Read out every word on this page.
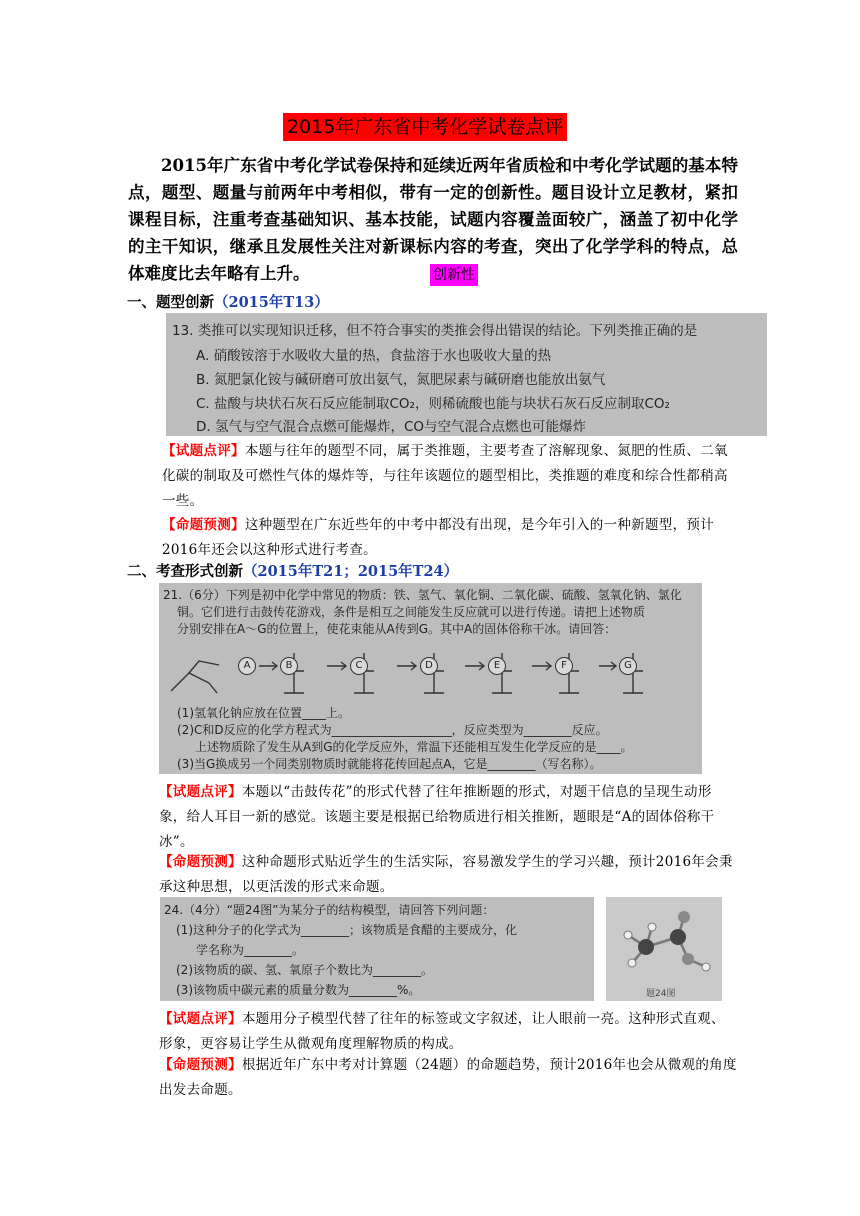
2015年广东省中考化学试卷点评
2015年广东省中考化学试卷保持和延续近两年省质检和中考化学试题的基本特点，题型、题量与前两年中考相似，带有一定的创新性。题目设计立足教材，紧扣课程目标，注重考查基础知识、基本技能，试题内容覆盖面较广，涵盖了初中化学的主干知识，继承且发展性关注对新课标内容的考查，突出了化学学科的特点，总体难度比去年略有上升。	创新性
一、题型创新（2015年T13）
13. 类推可以实现知识迁移，但不符合事实的类推会得出错误的结论。下列类推正确的是
A. 硝酸铵溶于水吸收大量的热，食盐溶于水也吸收大量的热
B. 氮肥氯化铵与碱研磨可放出氨气，氮肥尿素与碱研磨也能放出氨气
C. 盐酸与块状石灰石反应能制取CO₂，则稀硫酸也能与块状石灰石反应制取CO₂
D. 氢气与空气混合点燃可能爆炸，CO与空气混合点燃也可能爆炸
【试题点评】本题与往年的题型不同，属于类推题，主要考查了溶解现象、氮肥的性质、二氧化碳的制取及可燃性气体的爆炸等，与往年该题位的题型相比，类推题的难度和综合性都稍高一些。
【命题预测】这种题型在广东近些年的中考中都没有出现，是今年引入的一种新题型，预计2016年还会以这种形式进行考查。
二、考查形式创新（2015年T21；2015年T24）
21.（6分）下列是初中化学中常见的物质：铁、氢气、氧化铜、二氧化碳、硫酸、氢氧化钠、氯化
铜。它们进行击鼓传花游戏，条件是相互之间能发生反应就可以进行传递。请把上述物质
分别安排在A～G的位置上，使花束能从A传到G。其中A的固体俗称干冰。请回答：
A	B	C	D	E	F	G
(1)氢氧化钠应放在位置____上。
(2)C和D反应的化学方程式为____________________，反应类型为________反应。
上述物质除了发生从A到G的化学反应外，常温下还能相互发生化学反应的是____。
(3)当G换成另一个同类别物质时就能将花传回起点A，它是________（写名称）。
【试题点评】本题以“击鼓传花”的形式代替了往年推断题的形式，对题干信息的呈现生动形象，给人耳目一新的感觉。该题主要是根据已给物质进行相关推断，题眼是“A的固体俗称干冰”。
【命题预测】这种命题形式贴近学生的生活实际，容易激发学生的学习兴趣，预计2016年会秉承这种思想，以更活泼的形式来命题。
24.（4分）“题24图”为某分子的结构模型，请回答下列问题：
(1)这种分子的化学式为________；该物质是食醋的主要成分，化
学名称为________。
(2)该物质的碳、氢、氧原子个数比为________。
(3)该物质中碳元素的质量分数为________%。	题24图
【试题点评】本题用分子模型代替了往年的标签或文字叙述，让人眼前一亮。这种形式直观、形象，更容易让学生从微观角度理解物质的构成。
【命题预测】根据近年广东中考对计算题（24题）的命题趋势，预计2016年也会从微观的角度出发去命题。
